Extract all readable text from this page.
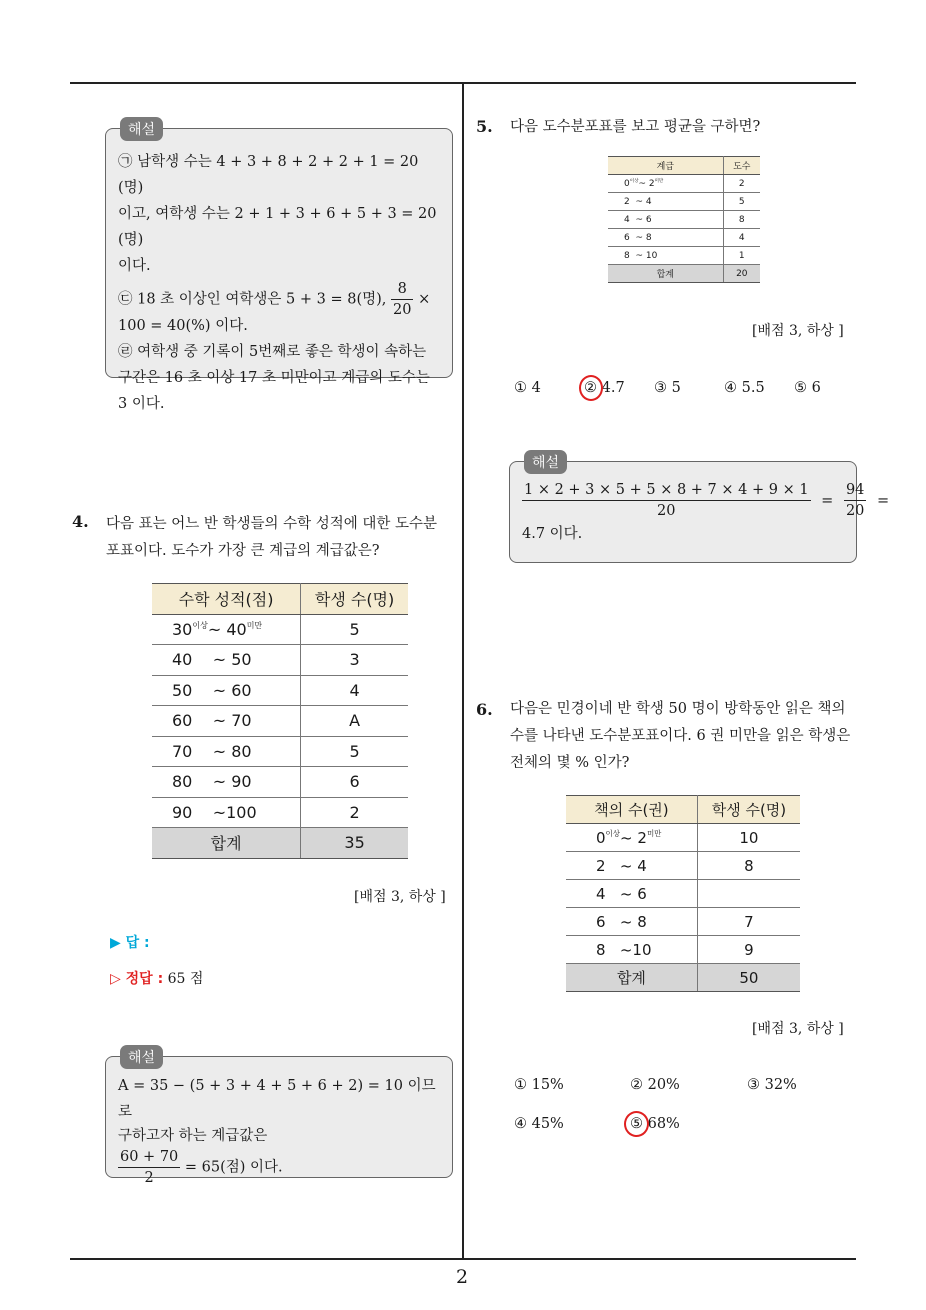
해설
㉠ 남학생 수는 4 + 3 + 8 + 2 + 2 + 1 = 20 (명)
이고, 여학생 수는 2 + 1 + 3 + 6 + 5 + 3 = 20 (명)
이다.
㉢ 18 초 이상인 여학생은 5 + 3 = 8(명), $\frac{8}{20}$ ×
100 = 40(%) 이다.
㉣ 여학생 중 기록이 5번째로 좋은 학생이 속하는
구간은 16 초 이상 17 초 미만이고 계급의 도수는
3 이다.
4. 다음 표는 어느 반 학생들의 수학 성적에 대한 도수분
포표이다. 도수가 가장 큰 계급의 계급값은?
수학 성적(점)	학생 수(명)
$30^{이상}\sim$ $40^{미만}$	5
40 ~ 50	3
50 ~ 60	4
60 ~ 70	A
70 ~ 80	5
80 ~ 90	6
90 ~100	2
합계	35
[배점 3, 하상 ]
▶ 답 :
▷ 정답 : 65 점
해설
A = 35 − (5 + 3 + 4 + 5 + 6 + 2) = 10 이므로
구하고자 하는 계급값은
$\frac{60 + 70}{2} = 65$(점) 이다.
5. 다음 도수분포표를 보고 평균을 구하면?
계급	도수
$0^{이상}\sim$ $2^{미만}$	2
2 ~ 4	5
4 ~ 6	8
6 ~ 8	4
8 ~ 10	1
합계	20
[배점 3, 하상 ]
① 4	② 4.7 ③ 5	④ 5.5 ⑤ 6
해설
$\frac{1 \times 2 + 3 \times 5 + 5 \times 8 + 7 \times 4 + 9 \times 1}{20} = \frac{94}{20}$ =
4.7 이다.
6. 다음은 민경이네 반 학생 50 명이 방학동안 읽은 책의
수를 나타낸 도수분포표이다. 6 권 미만을 읽은 학생은
전체의 몇 % 인가?
책의 수(권)	학생 수(명)
$0^{이상}\sim$ $2^{미만}$	10
2 ~ 4	8
4 ~ 6	
6 ~ 8	7
8 ~10	9
합계	50
[배점 3, 하상 ]
① 15%	② 20%	③ 32%
④ 45%	⑤ 68%
2
